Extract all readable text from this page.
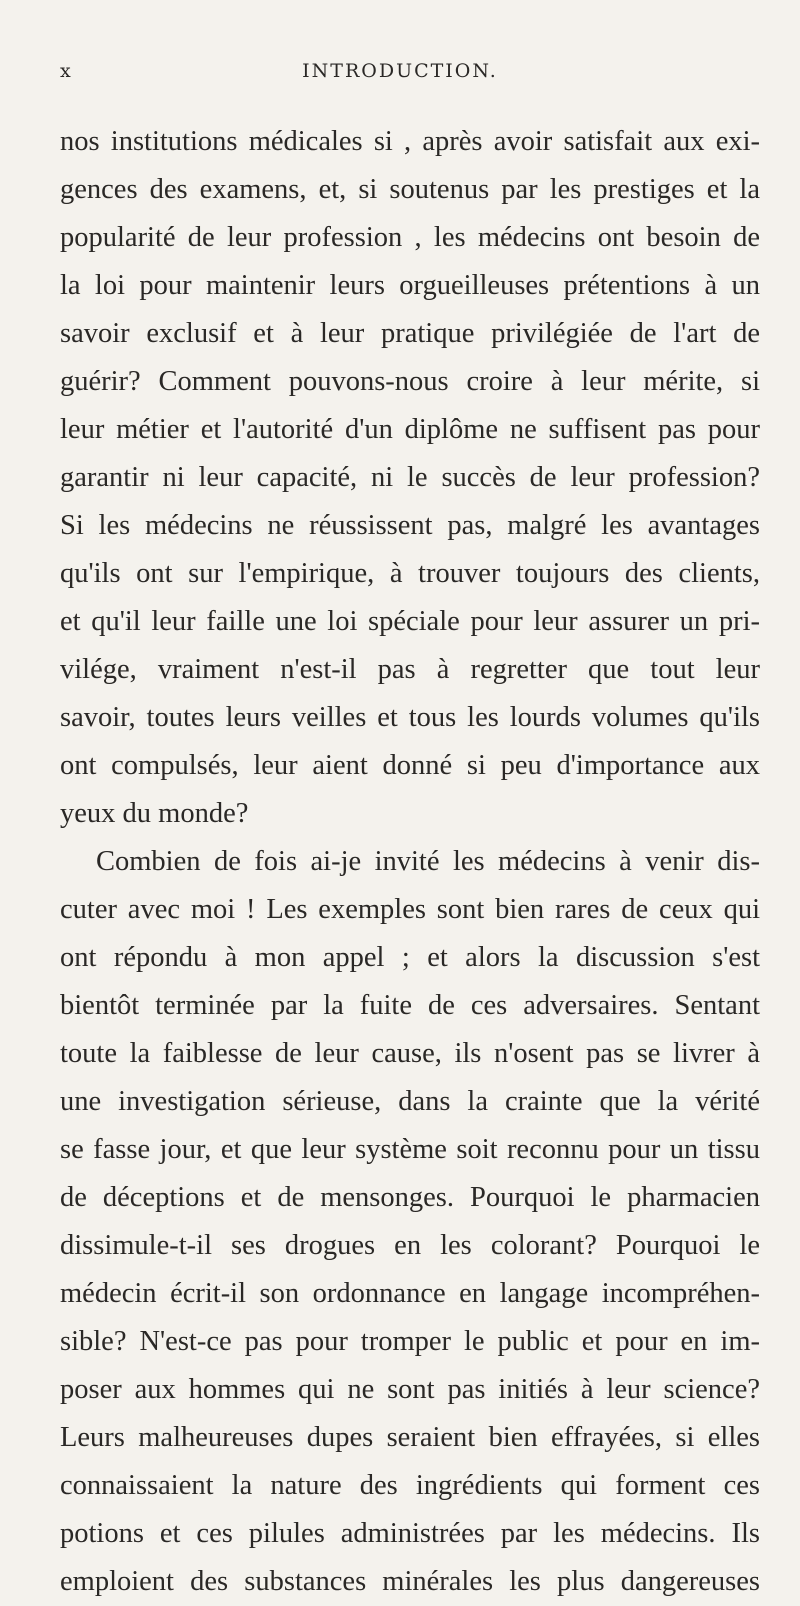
x	INTRODUCTION.
nos institutions médicales si , après avoir satisfait aux exi-
gences des examens, et, si soutenus par les prestiges et la
popularité de leur profession , les médecins ont besoin de
la loi pour maintenir leurs orgueilleuses prétentions à un
savoir exclusif et à leur pratique privilégiée de l'art de
guérir? Comment pouvons-nous croire à leur mérite, si
leur métier et l'autorité d'un diplôme ne suffisent pas pour
garantir ni leur capacité, ni le succès de leur profession?
Si les médecins ne réussissent pas, malgré les avantages
qu'ils ont sur l'empirique, à trouver toujours des clients,
et qu'il leur faille une loi spéciale pour leur assurer un pri-
vilége, vraiment n'est-il pas à regretter que tout leur
savoir, toutes leurs veilles et tous les lourds volumes qu'ils
ont compulsés, leur aient donné si peu d'importance aux
yeux du monde?
Combien de fois ai-je invité les médecins à venir dis-
cuter avec moi ! Les exemples sont bien rares de ceux qui
ont répondu à mon appel ; et alors la discussion s'est
bientôt terminée par la fuite de ces adversaires. Sentant
toute la faiblesse de leur cause, ils n'osent pas se livrer à
une investigation sérieuse, dans la crainte que la vérité
se fasse jour, et que leur système soit reconnu pour un tissu
de déceptions et de mensonges. Pourquoi le pharmacien
dissimule-t-il ses drogues en les colorant? Pourquoi le
médecin écrit-il son ordonnance en langage incompréhen-
sible? N'est-ce pas pour tromper le public et pour en im-
poser aux hommes qui ne sont pas initiés à leur science?
Leurs malheureuses dupes seraient bien effrayées, si elles
connaissaient la nature des ingrédients qui forment ces
potions et ces pilules administrées par les médecins. Ils
emploient des substances minérales les plus dangereuses
